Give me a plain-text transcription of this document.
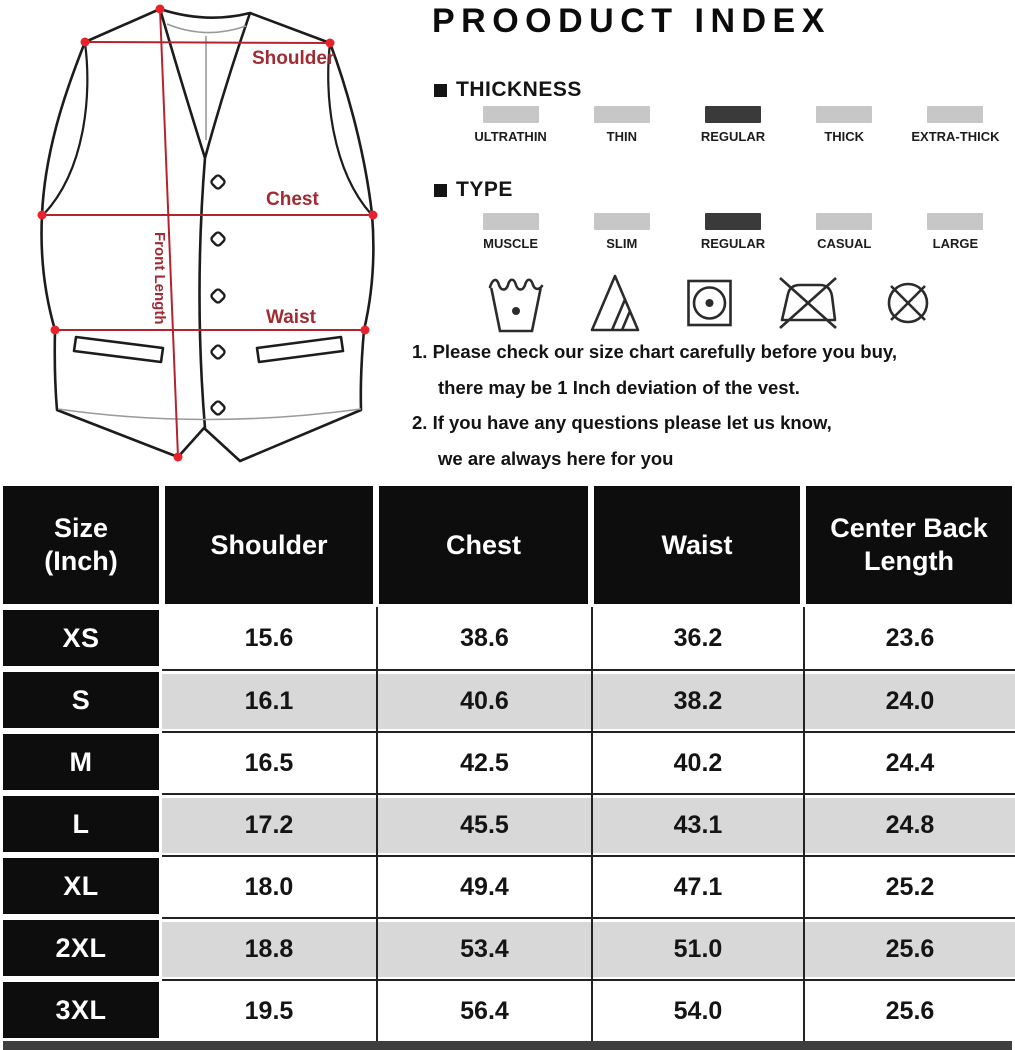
Shoulder
Chest
Waist
Front Length
PROODUCT INDEX
THICKNESS
ULTRATHIN	THIN	REGULAR	THICK	EXTRA-THICK
TYPE
MUSCLE	SLIM	REGULAR	CASUAL	LARGE
1. Please check our size chart carefully before you buy,
there may be 1 Inch deviation of the vest.
2. If you have any questions please let us know,
we are always here for you
Size
(Inch)
Shoulder	Chest	Waist
Center Back
Length
XS	15.6	38.6	36.2	23.6
S	16.1	40.6	38.2	24.0
M	16.5	42.5	40.2	24.4
L	17.2	45.5	43.1	24.8
XL	18.0	49.4	47.1	25.2
2XL	18.8	53.4	51.0	25.6
3XL	19.5	56.4	54.0	25.6
